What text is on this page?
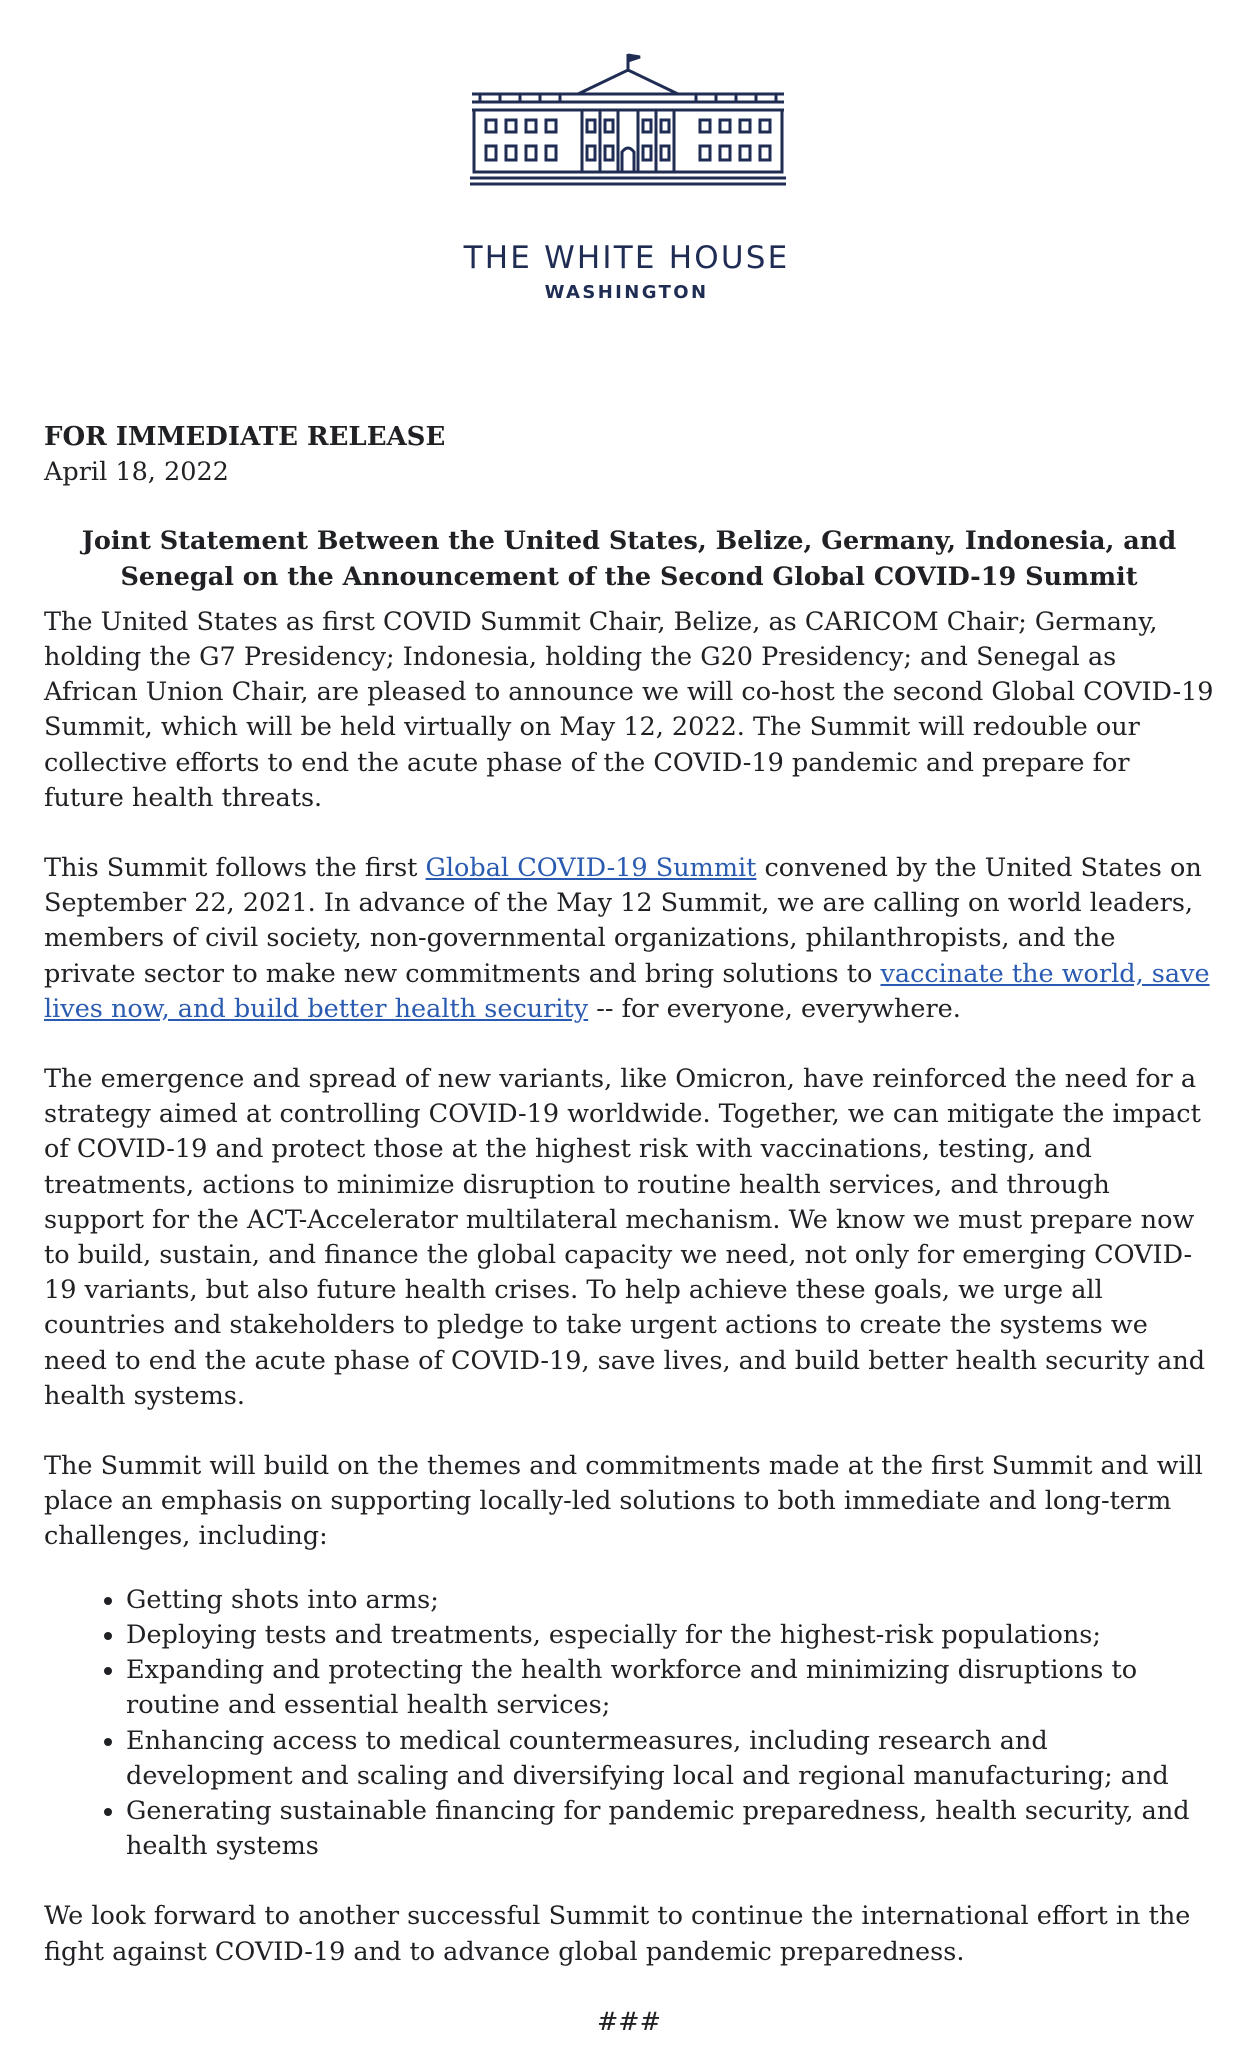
THE WHITE HOUSE
WASHINGTON

FOR IMMEDIATE RELEASE

April 18, 2022

Joint Statement Between the United States, Belize, Germany, Indonesia, and
Senegal on the Announcement of the Second Global COVID-19 Summit

The United States as first COVID Summit Chair, Belize, as CARICOM Chair; Germany, holding the G7 Presidency; Indonesia, holding the G20 Presidency; and Senegal as African Union Chair, are pleased to announce we will co-host the second Global COVID-19 Summit, which will be held virtually on May 12, 2022. The Summit will redouble our collective efforts to end the acute phase of the COVID-19 pandemic and prepare for future health threats.

This Summit follows the first Global COVID-19 Summit convened by the United States on September 22, 2021. In advance of the May 12 Summit, we are calling on world leaders, members of civil society, non-governmental organizations, philanthropists, and the private sector to make new commitments and bring solutions to vaccinate the world, save lives now, and build better health security -- for everyone, everywhere.

The emergence and spread of new variants, like Omicron, have reinforced the need for a strategy aimed at controlling COVID-19 worldwide. Together, we can mitigate the impact of COVID-19 and protect those at the highest risk with vaccinations, testing, and treatments, actions to minimize disruption to routine health services, and through support for the ACT-Accelerator multilateral mechanism. We know we must prepare now to build, sustain, and finance the global capacity we need, not only for emerging COVID-19 variants, but also future health crises. To help achieve these goals, we urge all countries and stakeholders to pledge to take urgent actions to create the systems we need to end the acute phase of COVID-19, save lives, and build better health security and health systems.

The Summit will build on the themes and commitments made at the first Summit and will place an emphasis on supporting locally-led solutions to both immediate and long-term challenges, including:

• Getting shots into arms;
• Deploying tests and treatments, especially for the highest-risk populations;
• Expanding and protecting the health workforce and minimizing disruptions to routine and essential health services;
• Enhancing access to medical countermeasures, including research and development and scaling and diversifying local and regional manufacturing; and
• Generating sustainable financing for pandemic preparedness, health security, and health systems

We look forward to another successful Summit to continue the international effort in the fight against COVID-19 and to advance global pandemic preparedness.

###
